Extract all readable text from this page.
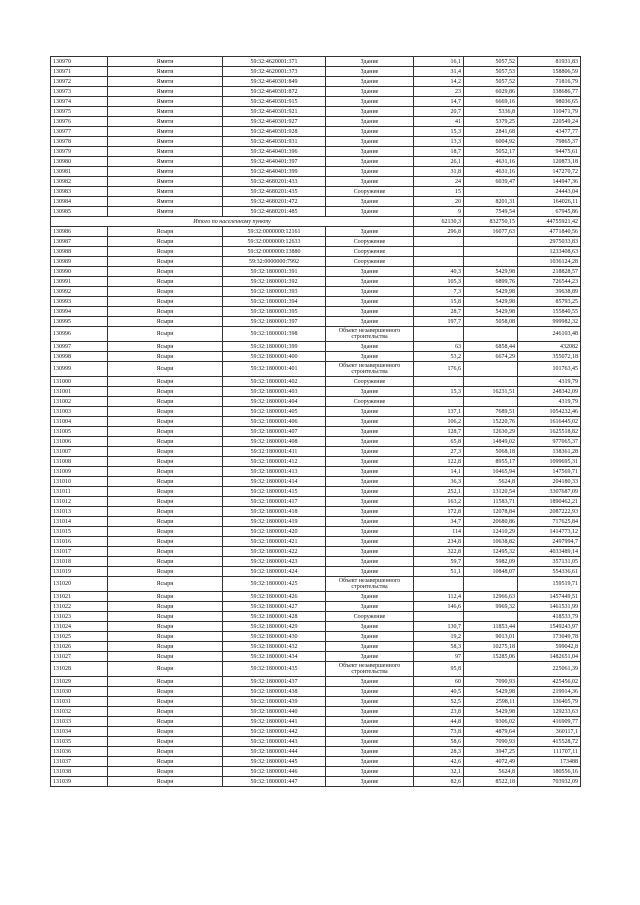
130970	Ямити	59:32:4620001:371	Здание	16,1	5057,52	81931,83
130971	Ямити	59:32:4620001:373	Здание	31,4	5057,53	158806,59
130972	Ямити	59:32:4640301:849	Здание	14,2	5057,52	71816,79
130973	Ямити	59:32:4640301:872	Здание	23	6029,86	138686,77
130974	Ямити	59:32:4640301:915	Здание	14,7	6669,16	98036,65
130975	Ямити	59:32:4640301:921	Здание	20,7	5336,8	110471,79
130976	Ямити	59:32:4640301:927	Здание	41	5379,25	220549,24
130977	Ямити	59:32:4640301:928	Здание	15,3	2841,68	43477,77
130978	Ямити	59:32:4640301:931	Здание	13,3	6004,92	79865,37
130979	Ямити	59:32:4640401:396	Здание	18,7	5052,17	94475,61
130980	Ямити	59:32:4640401:397	Здание	26,1	4631,16	120873,18
130981	Ямити	59:32:4640401:399	Здание	31,8	4631,16	147270,72
130982	Ямити	59:32:4680201:433	Здание	24	6039,47	144947,36
130983	Ямити	59:32:4680201:435	Сооружение	15		24443,04
130984	Ямити	59:32:4680201:472	Здание	20	8201,31	164026,11
130985	Ямити	59:32:4680201:485	Здание	9	7549,54	67945,86
Итого по населенному пункту				62130,3	832750,15	44755921,42
130986	Ясыри	59:32:0000000:12161	Здание	296,8	16077,63	4771840,56
130987	Ясыри	59:32:0000000:12633	Сооружение			2975033,83
130988	Ясыри	59:32:0000000:13880	Сооружение			1233408,63
130989	Ясыри	59:32:0000000:7992	Сооружение			1036124,28
130990	Ясыри	59:32:1800001:391	Здание	40,3	5429,98	218828,57
130991	Ясыри	59:32:1800001:392	Здание	105,3	6899,76	726544,23
130992	Ясыри	59:32:1800001:393	Здание	7,3	5429,98	39638,89
130993	Ясыри	59:32:1800001:394	Здание	15,8	5429,98	85793,25
130994	Ясыри	59:32:1800001:395	Здание	28,7	5429,98	155840,55
130995	Ясыри	59:32:1800001:397	Здание	197,7	5058,08	999982,32
130996	Ясыри	59:32:1800001:398	Объект незавершенного строительства			246103,48
130997	Ясыри	59:32:1800001:399	Здание	63	6858,44	432082
130998	Ясыри	59:32:1800001:400	Здание	53,2	6674,29	355072,18
130999	Ясыри	59:32:1800001:401	Объект незавершенного строительства	176,6		101763,45
131000	Ясыри	59:32:1800001:402	Сооружение			4319,79
131001	Ясыри	59:32:1800001:403	Здание	15,3	16231,51	248342,09
131002	Ясыри	59:32:1800001:404	Сооружение			4319,79
131003	Ясыри	59:32:1800001:405	Здание	137,1	7689,51	1054232,46
131004	Ясыри	59:32:1800001:406	Здание	106,2	15220,76	1616445,02
131005	Ясыри	59:32:1800001:407	Здание	128,7	12630,29	1625518,82
131006	Ясыри	59:32:1800001:408	Здание	65,8	14849,02	977065,37
131007	Ясыри	59:32:1800001:411	Здание	27,3	5068,18	138361,28
131008	Ясыри	59:32:1800001:412	Здание	122,8	8955,17	1099695,31
131009	Ясыри	59:32:1800001:413	Здание	14,1	10465,94	147569,71
131010	Ясыри	59:32:1800001:414	Здание	36,3	5624,8	204180,33
131011	Ясыри	59:32:1800001:415	Здание	252,1	13120,54	3307687,09
131012	Ясыри	59:32:1800001:417	Здание	163,2	11583,71	1890462,21
131013	Ясыри	59:32:1800001:418	Здание	172,8	12078,84	2087222,93
131014	Ясыри	59:32:1800001:419	Здание	34,7	20680,86	717625,84
131015	Ясыри	59:32:1800001:420	Здание	114	12410,29	1414773,12
131016	Ясыри	59:32:1800001:421	Здание	234,8	10638,82	2497994,7
131017	Ясыри	59:32:1800001:422	Здание	322,8	12495,32	4033489,14
131018	Ясыри	59:32:1800001:423	Здание	59,7	5982,09	357131,05
131019	Ясыри	59:32:1800001:424	Здание	51,1	10848,07	554336,61
131020	Ясыри	59:32:1800001:425	Объект незавершенного строительства			159519,71
131021	Ясыри	59:32:1800001:426	Здание	112,4	12966,63	1457449,51
131022	Ясыри	59:32:1800001:427	Здание	146,6	9969,32	1461531,99
131023	Ясыри	59:32:1800001:428	Сооружение			418533,79
131024	Ясыри	59:32:1800001:429	Здание	130,7	11853,44	1549243,97
131025	Ясыри	59:32:1800001:430	Здание	19,2	9013,01	173049,78
131026	Ясыри	59:32:1800001:432	Здание	58,3	10275,18	599042,8
131027	Ясыри	59:32:1800001:434	Здание	97	15285,06	1482651,04
131028	Ясыри	59:32:1800001:435	Объект незавершенного строительства	95,8		225061,39
131029	Ясыри	59:32:1800001:437	Здание	60	7090,93	425456,02
131030	Ясыри	59:32:1800001:438	Здание	40,5	5429,98	219914,36
131031	Ясыри	59:32:1800001:439	Здание	52,5	2598,11	136405,79
131032	Ясыри	59:32:1800001:440	Здание	23,8	5429,98	129233,63
131033	Ясыри	59:32:1800001:441	Здание	44,8	9306,02	416909,77
131034	Ясыри	59:32:1800001:442	Здание	73,8	4879,64	360117,1
131035	Ясыри	59:32:1800001:443	Здание	58,6	7090,93	415528,72
131036	Ясыри	59:32:1800001:444	Здание	28,3	3947,25	111707,11
131037	Ясыри	59:32:1800001:445	Здание	42,6	4072,49	173488
131038	Ясыри	59:32:1800001:446	Здание	32,1	5624,8	180556,16
131039	Ясыри	59:32:1800001:447	Здание	82,6	8522,18	703932,09
